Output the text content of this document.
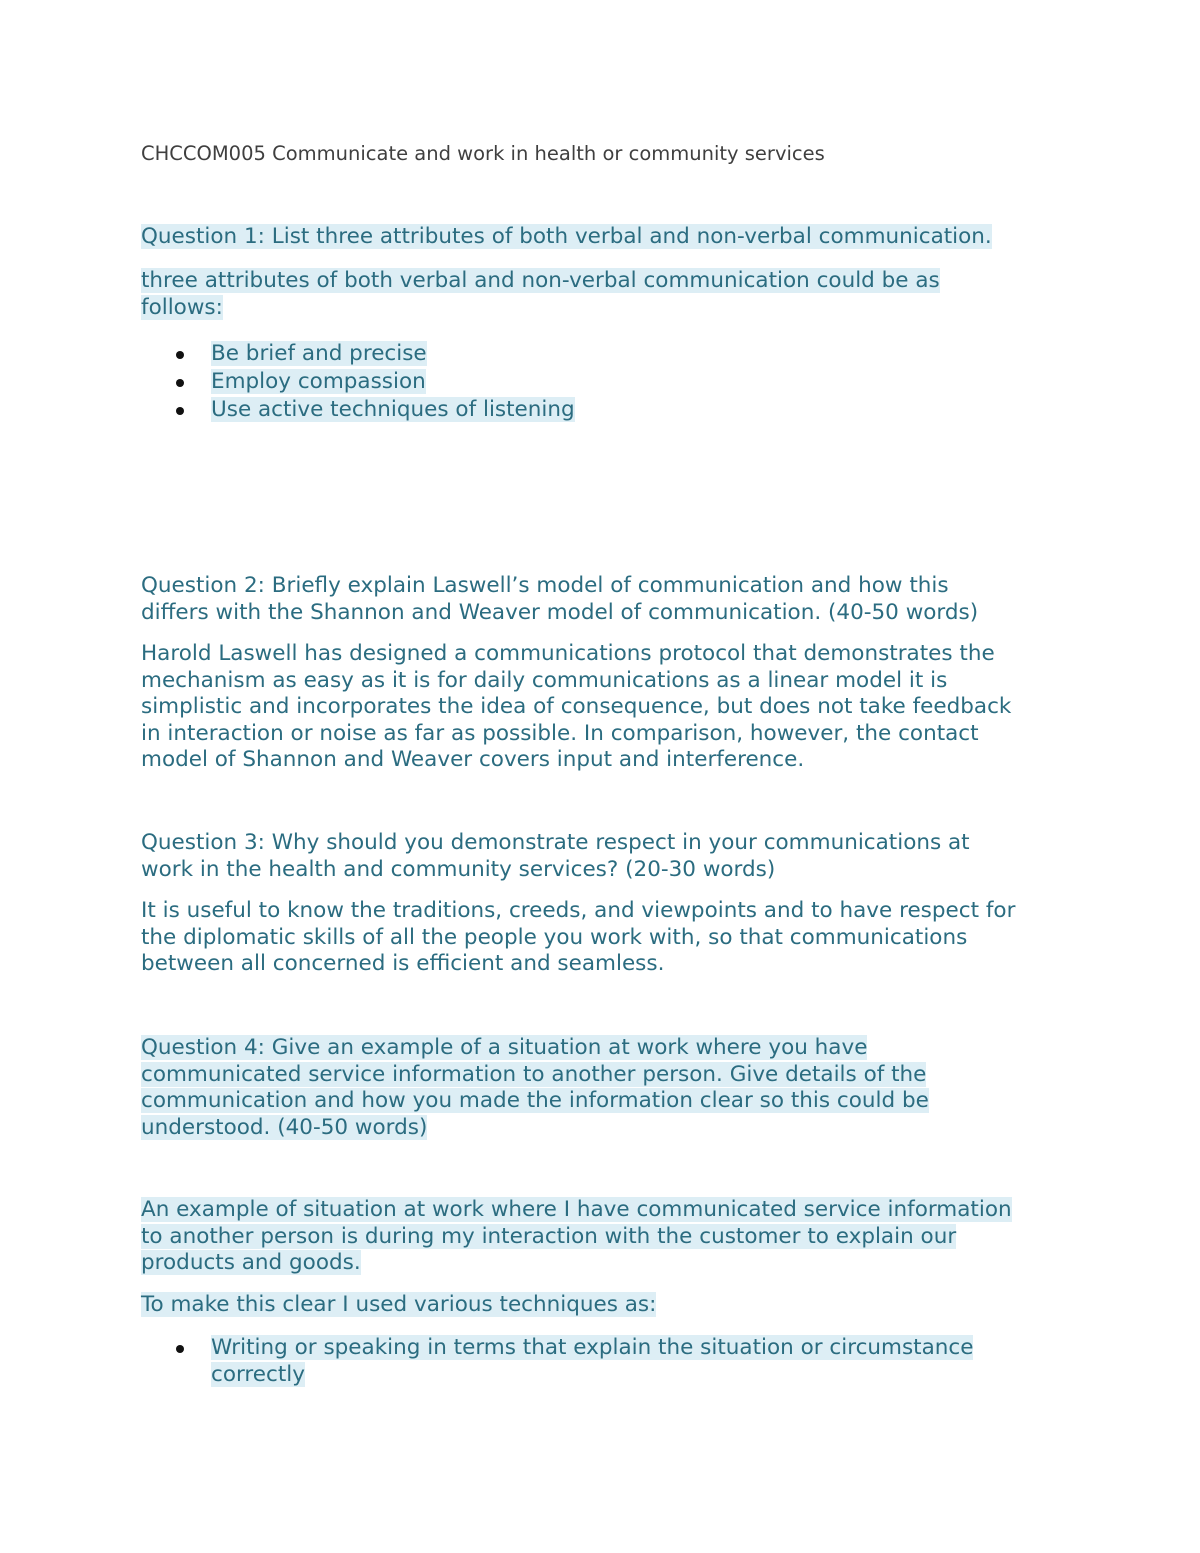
CHCCOM005 Communicate and work in health or community services

Question 1: List three attributes of both verbal and non-verbal communication.

three attributes of both verbal and non-verbal communication could be as
follows:

Be brief and precise
Employ compassion
Use active techniques of listening

Question 2: Briefly explain Laswell’s model of communication and how this
differs with the Shannon and Weaver model of communication. (40-50 words)

Harold Laswell has designed a communications protocol that demonstrates the
mechanism as easy as it is for daily communications as a linear model it is
simplistic and incorporates the idea of consequence, but does not take feedback
in interaction or noise as far as possible. In comparison, however, the contact
model of Shannon and Weaver covers input and interference.

Question 3: Why should you demonstrate respect in your communications at
work in the health and community services? (20-30 words)

It is useful to know the traditions, creeds, and viewpoints and to have respect for
the diplomatic skills of all the people you work with, so that communications
between all concerned is efficient and seamless.

Question 4: Give an example of a situation at work where you have
communicated service information to another person. Give details of the
communication and how you made the information clear so this could be
understood. (40-50 words)

An example of situation at work where I have communicated service information
to another person is during my interaction with the customer to explain our
products and goods.

To make this clear I used various techniques as:

Writing or speaking in terms that explain the situation or circumstance
correctly
